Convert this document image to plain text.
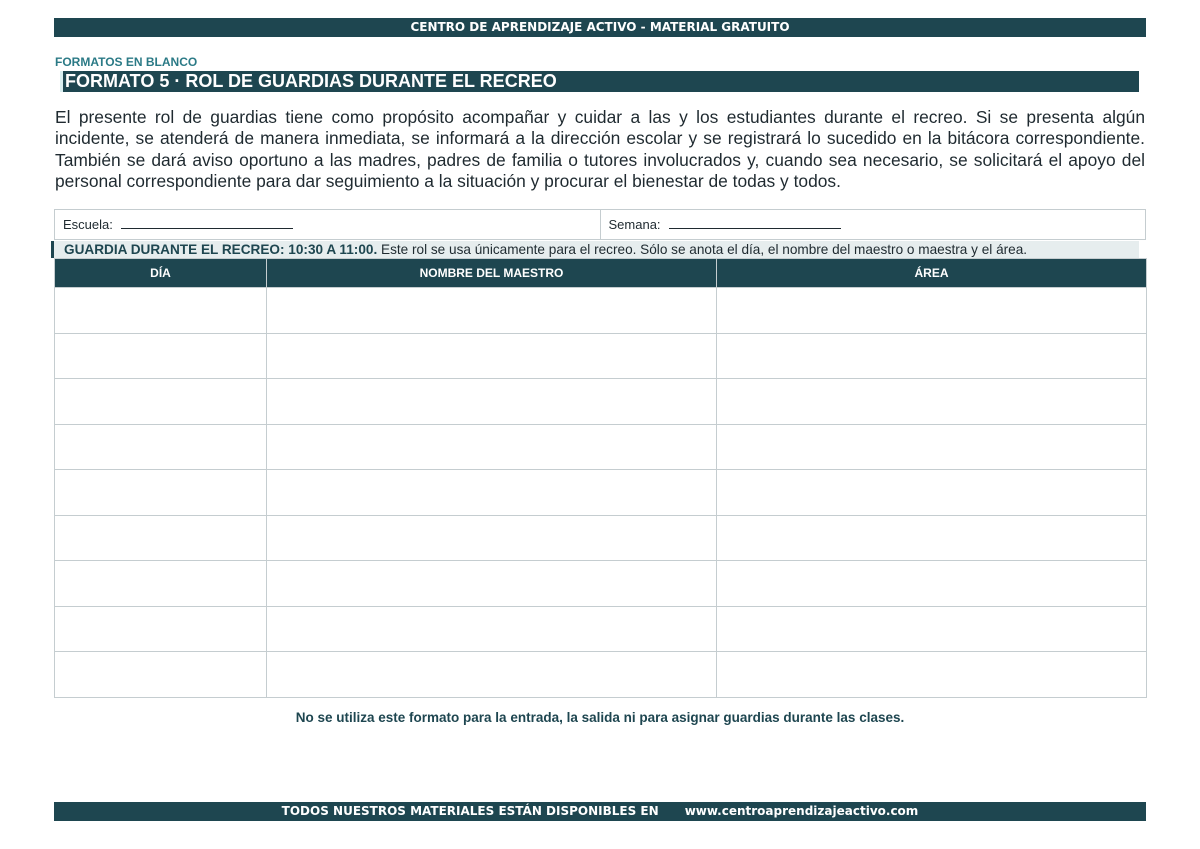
CENTRO DE APRENDIZAJE ACTIVO - MATERIAL GRATUITO
FORMATOS EN BLANCO
FORMATO 5 · ROL DE GUARDIAS DURANTE EL RECREO

El presente rol de guardias tiene como propósito acompañar y cuidar a las y los estudiantes durante el recreo. Si se presenta algún incidente, se atenderá de manera inmediata, se informará a la dirección escolar y se registrará lo sucedido en la bitácora correspondiente. También se dará aviso oportuno a las madres, padres de familia o tutores involucrados y, cuando sea necesario, se solicitará el apoyo del personal correspondiente para dar seguimiento a la situación y procurar el bienestar de todas y todos.

Escuela:	Semana:
GUARDIA DURANTE EL RECREO: 10:30 A 11:00. Este rol se usa únicamente para el recreo. Sólo se anota el día, el nombre del maestro o maestra y el área.
DÍA	NOMBRE DEL MAESTRO	ÁREA

No se utiliza este formato para la entrada, la salida ni para asignar guardias durante las clases.
TODOS NUESTROS MATERIALES ESTÁN DISPONIBLES EN www.centroaprendizajeactivo.com
